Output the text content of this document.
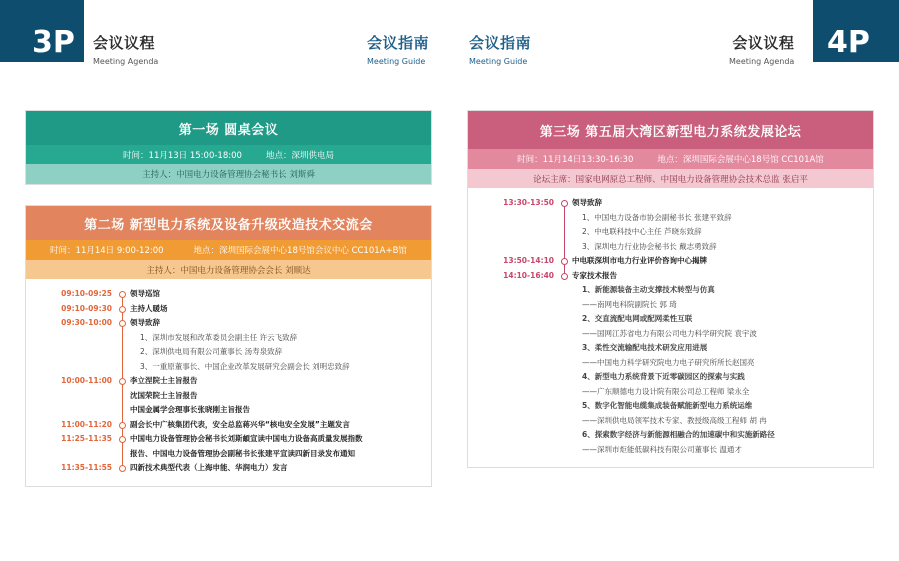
3P	会议议程
Meeting Agenda
会议指南
Meeting Guide
会议指南
Meeting Guide
会议议程
Meeting Agenda
4P
第一场 圆桌会议
时间：11月13日 15:00-18:00	地点：深圳供电局
主持人：中国电力设备管理协会秘书长 刘斯舜
第二场 新型电力系统及设备升级改造技术交流会
时间：11月14日 9:00-12:00	地点：深圳国际会展中心18号馆会议中心 CC101A+B馆
主持人：中国电力设备管理协会会长 刘顺达
09:10-09:25	领导巡馆
09:10-09:30	主持人暖场
09:30-10:00	领导致辞
1、深圳市发展和改革委员会副主任 许云飞致辞
2、深圳供电局有限公司董事长 汤寿泉致辞
3、一重原董事长、中国企业改革发展研究会副会长 刘明忠致辞
10:00-11:00	李立涅院士主旨报告
沈国荣院士主旨报告
中国金属学会理事长张晓刚主旨报告
11:00-11:20	副会长中广核集团代表，安全总监蒋兴华“核电安全发展”主题发言
11:25-11:35	中国电力设备管理协会秘书长刘斯頔宣读中国电力设备高质量发展指数
报告、中国电力设备管理协会副秘书长张建平宣读四新目录发布通知
11:35-11:55	四新技术典型代表（上海申能、华润电力）发言
第三场 第五届大湾区新型电力系统发展论坛
时间：11月14日13:30-16:30	地点：深圳国际会展中心18号馆 CC101A馆
论坛主席：国家电网原总工程师、中国电力设备管理协会技术总监 张启平
13:30-13:50	领导致辞
1、中国电力设备市协会副秘书长 张建平致辞
2、中电联科技中心主任 芦晓东致辞
3、深圳电力行业协会秘书长 戴志勇致辞
13:50-14:10	中电联深圳市电力行业评价咨询中心揭牌
14:10-16:40	专家技术报告
1、新能源装备主动支撑技术转型与仿真
——南网电科院副院长 郭 琦
2、交直流配电网或配网柔性互联
——国网江苏省电力有限公司电力科学研究院 袁宇波
3、柔性交流输配电技术研发应用进展
——中国电力科学研究院电力电子研究所所长赵国亮
4、新型电力系统背景下近零碳园区的探索与实践
——广东顺德电力设计院有限公司总工程师 梁永全
5、数字化智能电缆集成装备赋能新型电力系统运维
——深圳供电局领军技术专家、教授级高级工程师 胡 冉
6、探索数字经济与新能源相融合的加速碳中和实施新路径
——深圳市炬能低碳科技有限公司董事长 温通才
